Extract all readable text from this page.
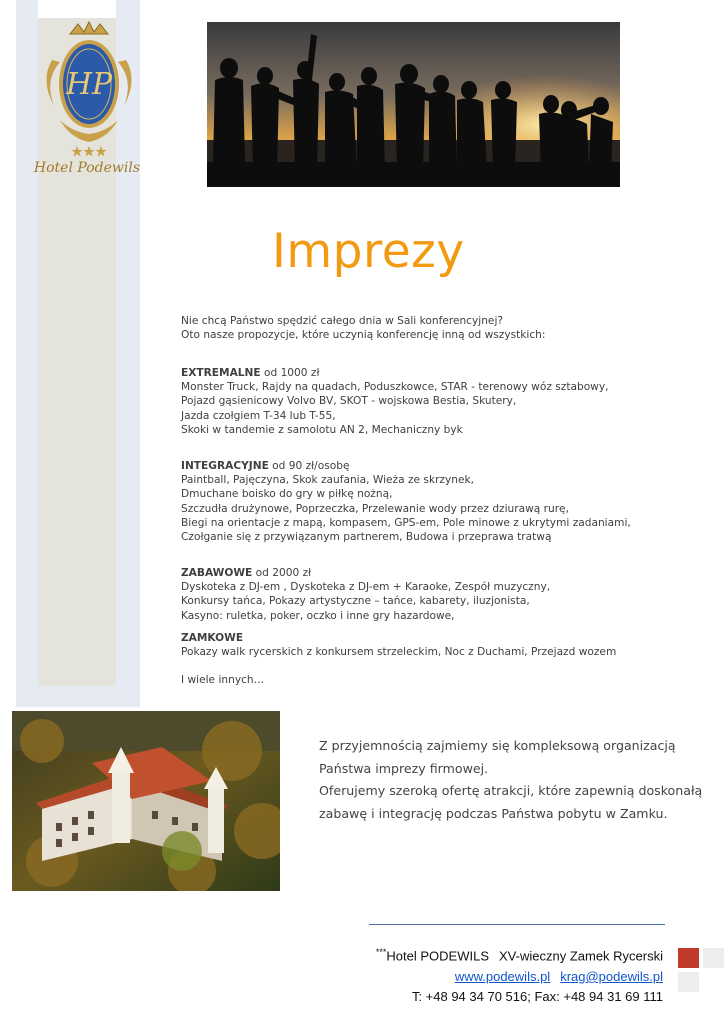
HP
Hotel Podewils
Imprezy
Nie chcą Państwo spędzić całego dnia w Sali konferencyjnej?
Oto nasze propozycje, które uczynią konferencję inną od wszystkich:
EXTREMALNE od 1000 zł
Monster Truck, Rajdy na quadach, Poduszkowce, STAR - terenowy wóz sztabowy,
Pojazd gąsienicowy Volvo BV, SKOT - wojskowa Bestia, Skutery,
Jazda czołgiem T-34 lub T-55,
Skoki w tandemie z samolotu AN 2, Mechaniczny byk
INTEGRACYJNE od 90 zł/osobę
Paintball, Pajęczyna, Skok zaufania, Wieża ze skrzynek,
Dmuchane boisko do gry w piłkę nożną,
Szczudła drużynowe, Poprzeczka, Przelewanie wody przez dziurawą rurę,
Biegi na orientacje z mapą, kompasem, GPS-em, Pole minowe z ukrytymi zadaniami,
Czołganie się z przywiązanym partnerem, Budowa i przeprawa tratwą
ZABAWOWE od 2000 zł
Dyskoteka z DJ-em , Dyskoteka z DJ-em + Karaoke, Zespół muzyczny,
Konkursy tańca, Pokazy artystyczne – tańce, kabarety, iluzjonista,
Kasyno: ruletka, poker, oczko i inne gry hazardowe,
ZAMKOWE
Pokazy walk rycerskich z konkursem strzeleckim, Noc z Duchami, Przejazd wozem
I wiele innych…
Z przyjemnością zajmiemy się kompleksową organizacją
Państwa imprezy firmowej.
Oferujemy szeroką ofertę atrakcji, które zapewnią doskonałą
zabawę i integrację podczas Państwa pobytu w Zamku.
***Hotel PODEWILS XV-wieczny Zamek Rycerski
www.podewils.pl krag@podewils.pl
T: +48 94 34 70 516; Fax: +48 94 31 69 111
